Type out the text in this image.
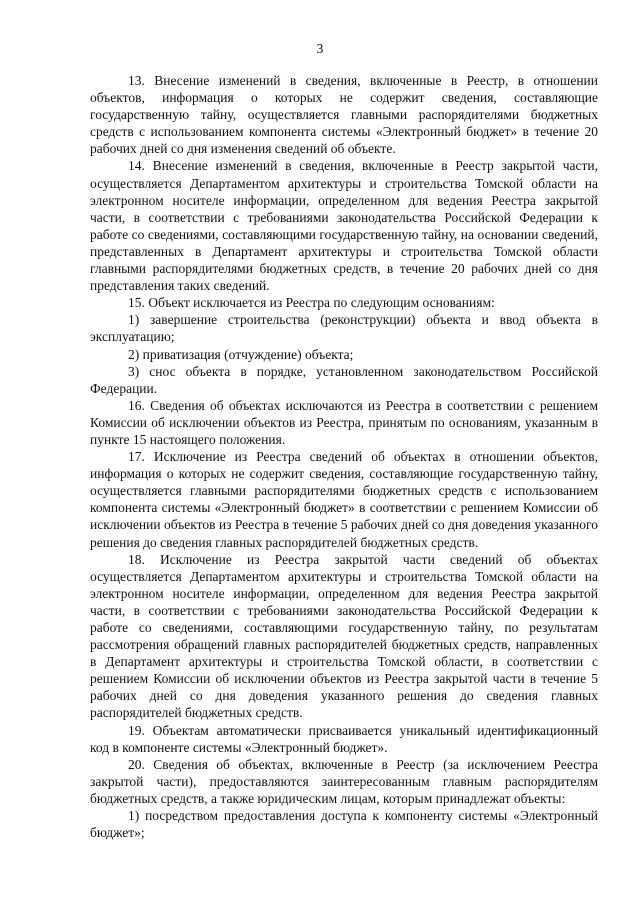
3

13. Внесение изменений в сведения, включенные в Реестр, в отношении объектов, информация о которых не содержит сведения, составляющие государственную тайну, осуществляется главными распорядителями бюджетных средств с использованием компонента системы «Электронный бюджет» в течение 20 рабочих дней со дня изменения сведений об объекте.

14. Внесение изменений в сведения, включенные в Реестр закрытой части, осуществляется Департаментом архитектуры и строительства Томской области на электронном носителе информации, определенном для ведения Реестра закрытой части, в соответствии с требованиями законодательства Российской Федерации к работе со сведениями, составляющими государственную тайну, на основании сведений, представленных в Департамент архитектуры и строительства Томской области главными распорядителями бюджетных средств, в течение 20 рабочих дней со дня представления таких сведений.

15. Объект исключается из Реестра по следующим основаниям:

1) завершение строительства (реконструкции) объекта и ввод объекта в эксплуатацию;

2) приватизация (отчуждение) объекта;

3) снос объекта в порядке, установленном законодательством Российской Федерации.

16. Сведения об объектах исключаются из Реестра в соответствии с решением Комиссии об исключении объектов из Реестра, принятым по основаниям, указанным в пункте 15 настоящего положения.

17. Исключение из Реестра сведений об объектах в отношении объектов, информация о которых не содержит сведения, составляющие государственную тайну, осуществляется главными распорядителями бюджетных средств с использованием компонента системы «Электронный бюджет» в соответствии с решением Комиссии об исключении объектов из Реестра в течение 5 рабочих дней со дня доведения указанного решения до сведения главных распорядителей бюджетных средств.

18. Исключение из Реестра закрытой части сведений об объектах осуществляется Департаментом архитектуры и строительства Томской области на электронном носителе информации, определенном для ведения Реестра закрытой части, в соответствии с требованиями законодательства Российской Федерации к работе со сведениями, составляющими государственную тайну, по результатам рассмотрения обращений главных распорядителей бюджетных средств, направленных в Департамент архитектуры и строительства Томской области, в соответствии с решением Комиссии об исключении объектов из Реестра закрытой части в течение 5 рабочих дней со дня доведения указанного решения до сведения главных распорядителей бюджетных средств.

19. Объектам автоматически присваивается уникальный идентификационный код в компоненте системы «Электронный бюджет».

20. Сведения об объектах, включенные в Реестр (за исключением Реестра закрытой части), предоставляются заинтересованным главным распорядителям бюджетных средств, а также юридическим лицам, которым принадлежат объекты:

1) посредством предоставления доступа к компоненту системы «Электронный бюджет»;
